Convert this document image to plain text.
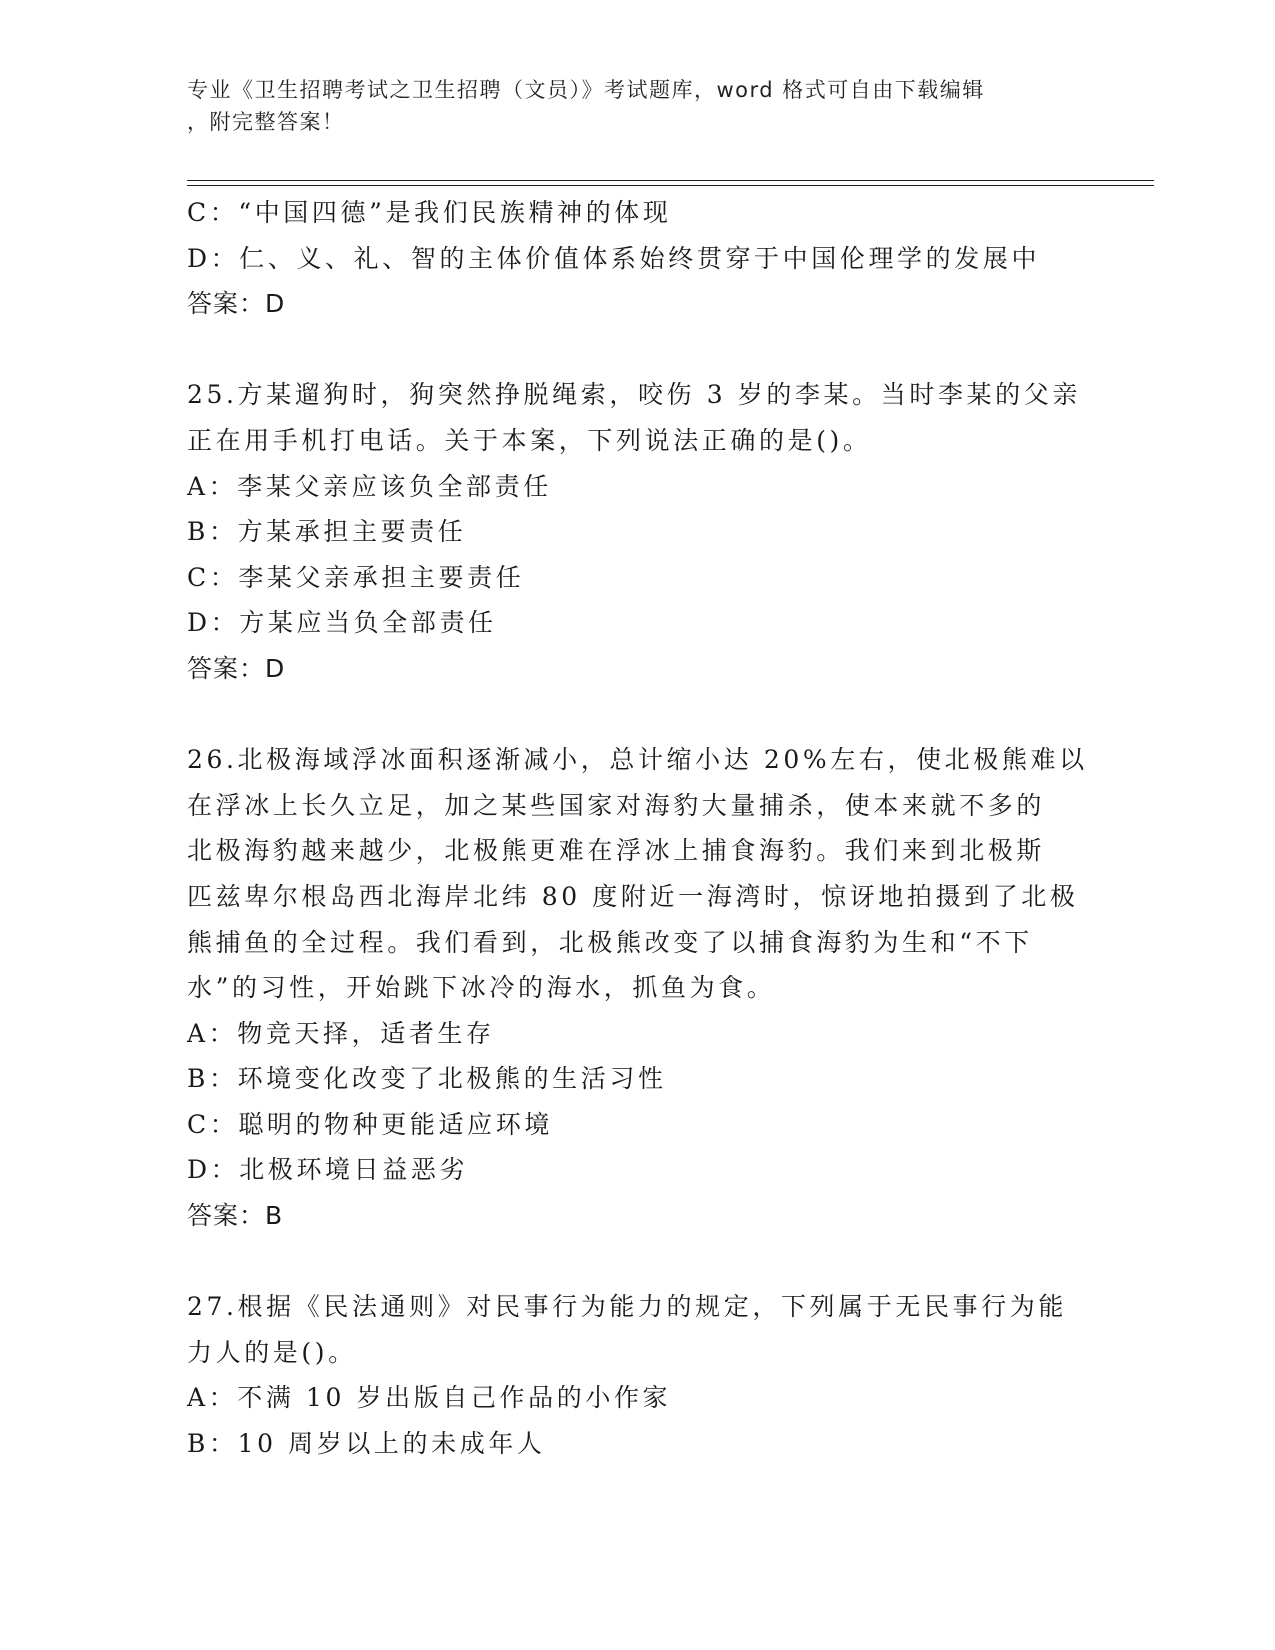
专业《卫生招聘考试之卫生招聘（文员）》考试题库，word 格式可自由下载编辑
，附完整答案！
C：“中国四德”是我们民族精神的体现
D：仁、义、礼、智的主体价值体系始终贯穿于中国伦理学的发展中
答案：D
25.方某遛狗时，狗突然挣脱绳索，咬伤 3 岁的李某。当时李某的父亲
正在用手机打电话。关于本案，下列说法正确的是()。
A：李某父亲应该负全部责任
B：方某承担主要责任
C：李某父亲承担主要责任
D：方某应当负全部责任
答案：D
26.北极海域浮冰面积逐渐减小，总计缩小达 20%左右，使北极熊难以
在浮冰上长久立足，加之某些国家对海豹大量捕杀，使本来就不多的
北极海豹越来越少，北极熊更难在浮冰上捕食海豹。我们来到北极斯
匹兹卑尔根岛西北海岸北纬 80 度附近一海湾时，惊讶地拍摄到了北极
熊捕鱼的全过程。我们看到，北极熊改变了以捕食海豹为生和“不下
水”的习性，开始跳下冰冷的海水，抓鱼为食。
A：物竞天择，适者生存
B：环境变化改变了北极熊的生活习性
C：聪明的物种更能适应环境
D：北极环境日益恶劣
答案：B
27.根据《民法通则》对民事行为能力的规定，下列属于无民事行为能
力人的是()。
A：不满 10 岁出版自己作品的小作家
B：10 周岁以上的未成年人
